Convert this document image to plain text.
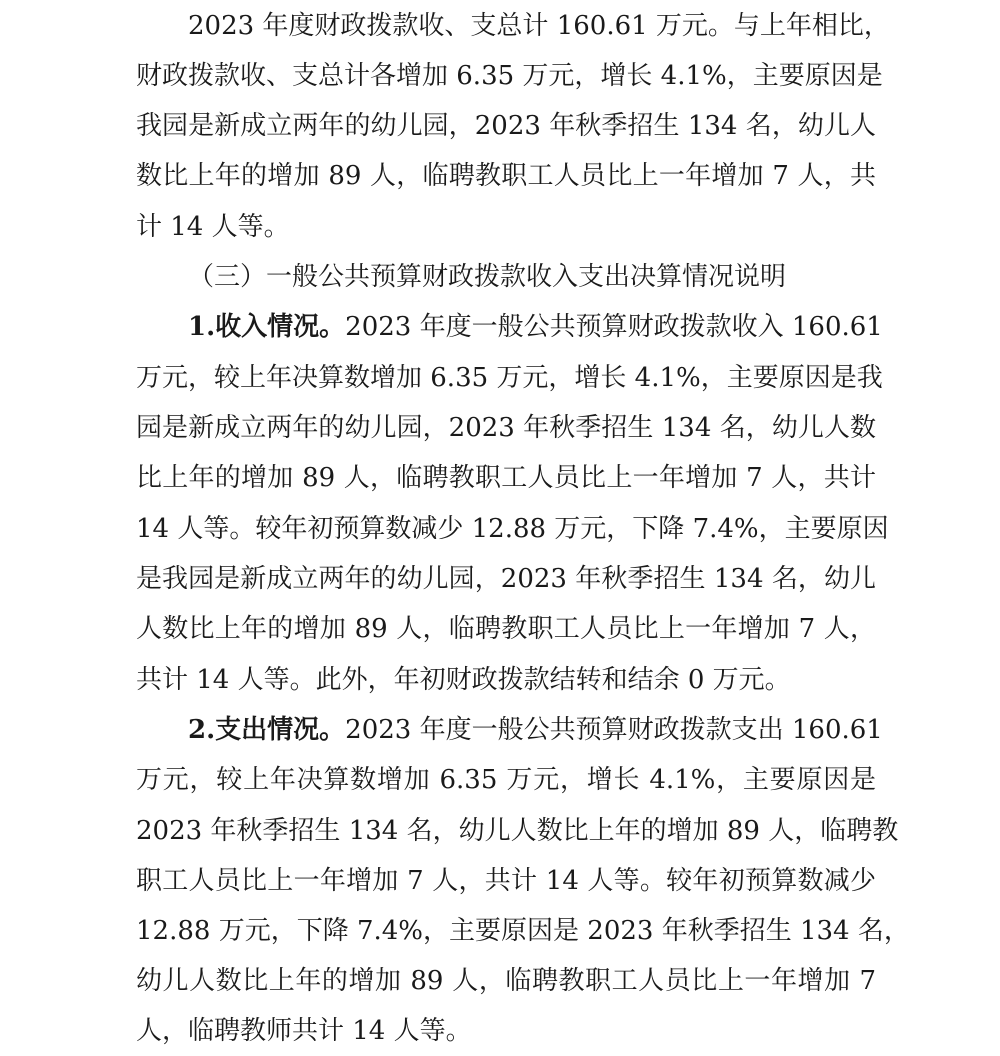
2023 年度财政拨款收、支总计 160.61 万元。与上年相比，
财政拨款收、支总计各增加 6.35 万元，增长 4.1%，主要原因是
我园是新成立两年的幼儿园，2023 年秋季招生 134 名，幼儿人
数比上年的增加 89 人，临聘教职工人员比上一年增加 7 人，共
计 14 人等。
（三）一般公共预算财政拨款收入支出决算情况说明
1.收入情况。2023 年度一般公共预算财政拨款收入 160.61
万元，较上年决算数增加 6.35 万元，增长 4.1%，主要原因是我
园是新成立两年的幼儿园，2023 年秋季招生 134 名，幼儿人数
比上年的增加 89 人，临聘教职工人员比上一年增加 7 人，共计
14 人等。较年初预算数减少 12.88 万元，下降 7.4%，主要原因
是我园是新成立两年的幼儿园，2023 年秋季招生 134 名，幼儿
人数比上年的增加 89 人，临聘教职工人员比上一年增加 7 人，
共计 14 人等。此外，年初财政拨款结转和结余 0 万元。
2.支出情况。2023 年度一般公共预算财政拨款支出 160.61
万元，较上年决算数增加 6.35 万元，增长 4.1%，主要原因是
2023 年秋季招生 134 名，幼儿人数比上年的增加 89 人，临聘教
职工人员比上一年增加 7 人，共计 14 人等。较年初预算数减少
12.88 万元，下降 7.4%，主要原因是 2023 年秋季招生 134 名，
幼儿人数比上年的增加 89 人，临聘教职工人员比上一年增加 7
人，临聘教师共计 14 人等。
